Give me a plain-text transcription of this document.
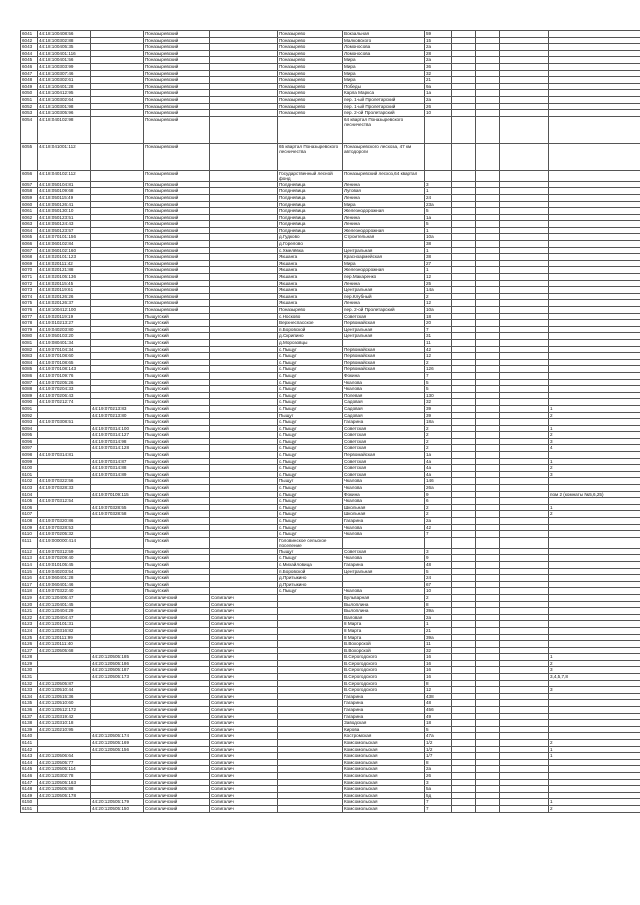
6041	44:18:100408:56		Поназыревский		Поназырево	Вокзальная	59				
6042	44:18:100302:88		Поназыревский		Поназырево	Малковского	15				
6043	44:18:100405:35		Поназыревский		Поназырево	Ломоносова	2а				
6044	44:18:100401:116		Поназыревский		Поназырево	Ломоносова	28				
6045	44:18:100401:56		Поназыревский		Поназырево	Мира	2а				
6046	44:18:100303:99		Поназыревский		Поназырево	Мира	36				
6047	44:18:100307:46		Поназыревский		Поназырево	Мира	32				
6048	44:18:100302:61		Поназыревский		Поназырево	Мира	21				
6049	44:18:100401:28		Поназыревский		Поназырево	Победы	9а				
6050	44:18:100412:95		Поназыревский		Поназырево	Карла Маркса	1а				
6051	44:18:100302:64		Поназыревский		Поназырево	пер. 1-ый Пролетарский	2а				
6052	44:18:100301:98		Поназыревский		Поназырево	пер. 1-ый Пролетарский	26				
6053	44:18:100305:96		Поназыревский		Поназырево	пер. 2-ой Пролетарский	10				
6054	44:18:040102:98		Поназыревский			64 квартал Поназыревского лесничества					
6055	44:18:041001:112		Поназыревский		65 квартал Поназыревского лесничества	Поназыревского лесхоза, 47 км автодороги					
6056	44:18:040102:112		Поназыревский		Государственный лесной фонд	Поназыревский лесхоз,64 квартал					
6057	44:18:050104:81		Поназыревский		Полдневица	Ленина	3				
6058	44:18:050109:68		Поназыревский		Полдневица	Луговая	1				
6059	44:18:050115:49		Поназыревский		Полдневица	Ленина	24				
6060	44:18:050126:41		Поназыревский		Полдневица	Мира	23а				
6061	44:18:050130:10		Поназыревский		Полдневица	Железнодорожная	5				
6062	44:18:050123:51		Поназыревский		Полдневица	Ленина	1а				
6063	44:18:050124:43		Поназыревский		Полдневица	Ленина	5				
6064	44:18:050123:57		Поназыревский		Полдневица	Железнодорожная	1				
6065	44:18:070101:156		Поназыревский		д.Гудково	Строительная	10а				
6066	44:18:060102:84		Поназыревский		д.Горелово		38				
6067	44:18:060102:160		Поназыревский		с.Хмелёвка	Центральная	1				
6068	44:18:020101:123		Поназыревский		Якшанга	Красноармейская	38				
6069	44:18:020111:42		Поназыревский		Якшанга	Мира	27				
6070	44:18:020121:88		Поназыревский		Якшанга	Железнодорожная	1				
6071	44:18:020105:136		Поназыревский		Якшанга	пер.Макаренко	12				
6072	44:18:020115:45		Поназыревский		Якшанга	Ленина	25				
6073	44:18:020119:61		Поназыревский		Якшанга	Центральная	14а				
6074	44:18:020126:26		Поназыревский		Якшанга	пер.Клубный	2				
6075	44:18:020126:37		Поназыревский		Якшанга	Ленина	12				
6076	44:18:100412:100		Поназыревский		Поназырево	пер. 2-ой Пролетарский	10а				
6077	44:19:020119:19		Пыщугский		с.Носково	Советская	18				
6078	44:19:010213:27		Пыщугский		Верхнеспасское	Первомайская	20				
6079	44:19:040203:80		Пыщугский		п.Боровской	Центральная	7				
6080	44:19:050103:20		Пыщугский		д.Скрипино	Центральная	31				
6081	44:19:080401:34		Пыщугский		д.Морозовцы		11				
6082	44:19:070104:34		Пыщугский		с.Пыщуг	Первомайская	42				
6083	44:19:070108:60		Пыщугский		с.Пыщуг	Первомайская	12				
6084	44:19:070108:65		Пыщугский		с.Пыщуг	Первомайская	2				
6085	44:19:070108:143		Пыщугский		с.Пыщуг	Первомайская	126				
6086	44:19:070109:76		Пыщугский		с.Пыщуг	Фокина	7				
6087	44:19:070205:26		Пыщугский		с.Пыщуг	Чкалова	5				
6088	44:19:070204:33		Пыщугский		с.Пыщуг	Чкалова	5				
6089	44:19:070206:43		Пыщугский		с.Пыщуг	Полевая	130				
6090	44:19:070212:74		Пыщугский		с.Пыщуг	Садовая	32				
6091		44:19:070213:83	Пыщугский		с.Пыщуг	Садовая	39				1
6092		44:19:070213:80	Пыщугский		Пыщуг	Садовая	39				2
6093	44:19:070308:51		Пыщугский		с.Пыщуг	Гагарина	18а				
6094		44:19:070314:100	Пыщугский		с.Пыщуг	Советская	2				1
6095		44:19:070314:127	Пыщугский		с.Пыщуг	Советская	2				2
6096		44:19:070314:98	Пыщугский		с.Пыщуг	Советская	2				3
6097		44:19:070314:128	Пыщугский		с.Пыщуг	Советская	2				4
6098	44:19:070314:81		Пыщугский		с.Пыщуг	Первомайская	1а				
6099		44:19:070314:87	Пыщугский		с.Пыщуг	Советская	4а				1
6100		44:19:070314:88	Пыщугский		с.Пыщуг	Советская	4а				2
6101		44:19:070314:89	Пыщугский		с.Пыщуг	Советская	4а				3
6102	44:19:070322:56		Пыщугский		Пыщуг	Чкалова	146				
6103	44:19:070328:33		Пыщугский		с.Пыщуг	Чкалова	26а				
6104		44:19:070109:115	Пыщугский		с.Пыщуг	Фокина	9				пом 2 (комнаты №5,6,25)
6105	44:19:070312:54		Пыщугский		с.Пыщуг	Чкалова	6				
6106		44:19:070328:55	Пыщугский		с.Пыщуг	Школьная	2				1
6107		44:19:070328:58	Пыщугский		с.Пыщуг	Школьная	2				2
6108	44:19:070320:86		Пыщугский		с.Пыщуг	Гагарина	2а				
6109	44:19:070328:53		Пыщугский		с.Пыщуг	Чкалова	42				
6110	44:19:070205:32		Пыщугский		с.Пыщуг	Чкалова	7				
6111	44:19:000000:414		Пыщугский		Головинское сельское поселение						
6112	44:19:070312:59		Пыщугский		Пыщуг	Советская	3				
6113	44:19:070209:40		Пыщугский		с.Пыщуг	Чкалова	9				
6114	44:19:010105:45		Пыщугский		с.Михайловица	Гагарина	48				
6115	44:19:040203:54		Пыщугский		п.Боровской	Центральная	5				
6116	44:19:060401:28		Пыщугский		д.Притыкино		24				
6117	44:19:060401:46		Пыщугский		д.Притыкино		67				
6118	44:19:070322:40		Пыщугский		с.Пыщуг	Чкалова	10				
6119	44:20:120405:47		Солигаличский	Солигалич		Бульварная	2				
6120	44:20:120401:45		Солигаличский	Солигалич		Вылоплина	8				
6121	44:20:120404:29		Солигаличский	Солигалич		Вылоплина	39а				
6122	44:20:120404:47		Солигаличский	Солигалич		Валовая	2а				
6123	44:20:120101:31		Солигаличский	Солигалич		8 Марта	1				
6124	44:20:120316:82		Солигаличский	Солигалич		8 Марта	21				
6125	44:20:120111:99		Солигаличский	Солигалич		8 Марта	39а				
6126	44:20:120111:40		Солигаличский	Солигалич		В.Вохорской	11				
6127	44:20:120505:68		Солигаличский	Солигалич		В.Вохорской	32				
6128		44:20:120505:185	Солигаличский	Солигалич		В.Серогодского	16				1
6129		44:20:120505:186	Солигаличский	Солигалич		В.Серогодского	16				2
6130		44:20:120505:187	Солигаличский	Солигалич		В.Серогодского	16				3
6131		44:20:120505:173	Солигаличский	Солигалич		В.Серогодского	16				3,4,5,7,8
6132	44:20:120505:87		Солигаличский	Солигалич		В.Серогодского	8				
6133	44:20:120510:44		Солигаличский	Солигалич		В.Серогодского	12				3
6134	44:20:120515:36		Солигаличский	Солигалич		Гагарина	438				
6135	44:20:120510:60		Солигаличский	Солигалич		Гагарина	48				
6136	44:20:120512:172		Солигаличский	Солигалич		Гагарина	456				
6137	44:20:120319:42		Солигаличский	Солигалич		Гагарина	49				
6138	44:20:120310:18		Солигаличский	Солигалич		Заводская	18				
6139	44:20:120210:95		Солигаличский	Солигалич		Кирова	5				
6140		44:20:120505:174	Солигаличский	Солигалич		Костромская	47а				
6141		44:20:120505:169	Солигаличский	Солигалич		Комсомольская	1/2				2
6142		44:20:120505:156	Солигаличский	Солигалич		Комсомольская	1/2				1
6143	44:20:120506:64		Солигаличский	Солигалич		Комсомольская	1/7				1
6144	44:20:120505:77		Солигаличский	Солигалич		Комсомольская	8				
6145	44:20:120505:114		Солигаличский	Солигалич		Комсомольская	2а				
6146	44:20:120302:78		Солигаличский	Солигалич		Комсомольская	26				
6147	44:20:120505:163		Солигаличский	Солигалич		Комсомольская	3				
6148	44:20:120505:88		Солигаличский	Солигалич		Комсомольская	5а				
6149	44:20:120505:178		Солигаличский	Солигалич		Комсомольская	5д				
6150		44:20:120505:179	Солигаличский	Солигалич		Комсомольская	7				1
6151		44:20:120505:150	Солигаличский	Солигалич		Комсомольская	7				2
